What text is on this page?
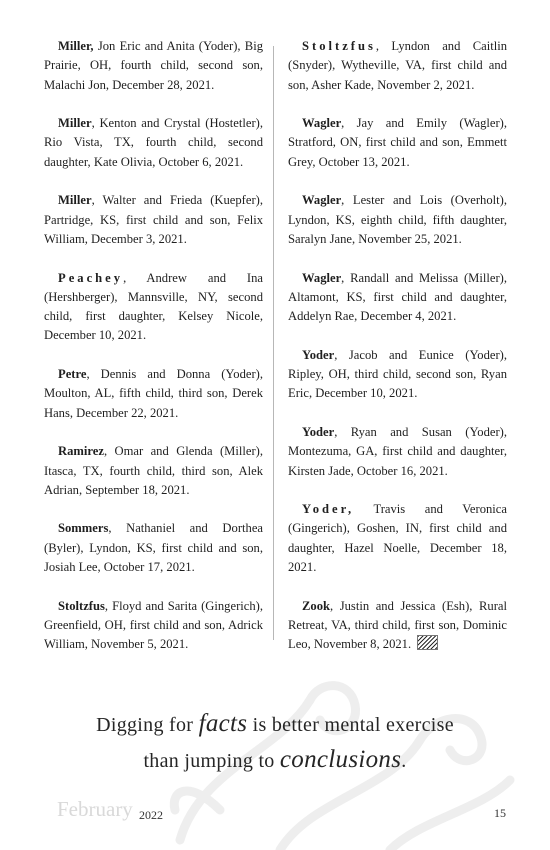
Miller, Jon Eric and Anita (Yoder), Big Prairie, OH, fourth child, second son, Malachi Jon, December 28, 2021.

Miller, Kenton and Crystal (Hostetler), Rio Vista, TX, fourth child, second daughter, Kate Olivia, October 6, 2021.

Miller, Walter and Frieda (Kuepfer), Partridge, KS, first child and son, Felix William, December 3, 2021.

Peachey, Andrew and Ina (Hershberger), Mannsville, NY, second child, first daughter, Kelsey Nicole, December 10, 2021.

Petre, Dennis and Donna (Yoder), Moulton, AL, fifth child, third son, Derek Hans, December 22, 2021.

Ramirez, Omar and Glenda (Miller), Itasca, TX, fourth child, third son, Alek Adrian, September 18, 2021.

Sommers, Nathaniel and Dorthea (Byler), Lyndon, KS, first child and son, Josiah Lee, October 17, 2021.

Stoltzfus, Floyd and Sarita (Gingerich), Greenfield, OH, first child and son, Adrick William, November 5, 2021.

Stoltzfus, Lyndon and Caitlin (Snyder), Wytheville, VA, first child and son, Asher Kade, November 2, 2021.

Wagler, Jay and Emily (Wagler), Stratford, ON, first child and son, Emmett Grey, October 13, 2021.

Wagler, Lester and Lois (Overholt), Lyndon, KS, eighth child, fifth daughter, Saralyn Jane, November 25, 2021.

Wagler, Randall and Melissa (Miller), Altamont, KS, first child and daughter, Addelyn Rae, December 4, 2021.

Yoder, Jacob and Eunice (Yoder), Ripley, OH, third child, second son, Ryan Eric, December 10, 2021.

Yoder, Ryan and Susan (Yoder), Montezuma, GA, first child and daughter, Kirsten Jade, October 16, 2021.

Yoder, Travis and Veronica (Gingerich), Goshen, IN, first child and daughter, Hazel Noelle, December 18, 2021.

Zook, Justin and Jessica (Esh), Rural Retreat, VA, third child, first son, Dominic Leo, November 8, 2021.

Digging for facts is better mental exercise
than jumping to conclusions.
February 2022	15
